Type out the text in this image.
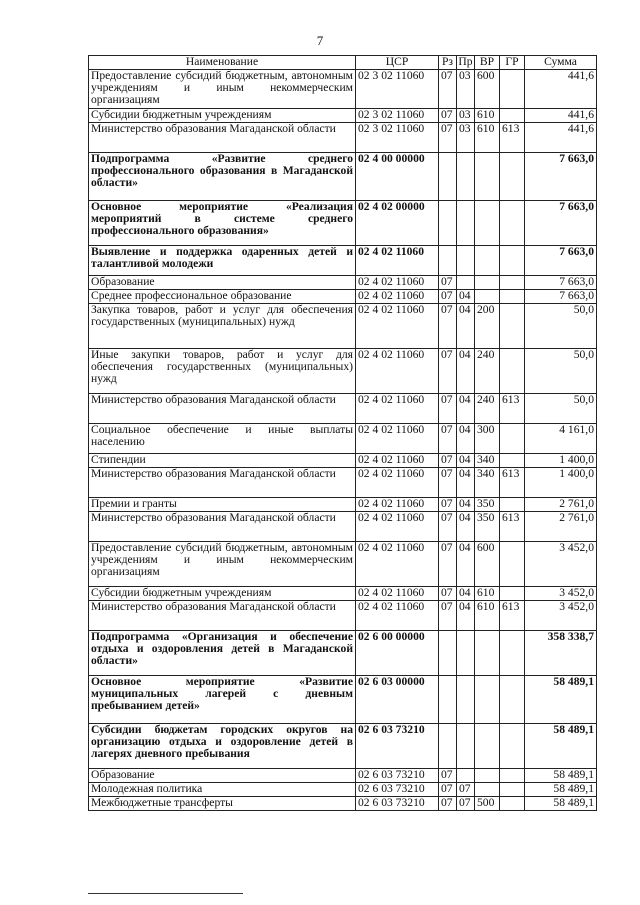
7
Наименование	ЦСР	Рз	Пр	ВР	ГР	Сумма
Предоставление субсидий бюджетным, автономным учреждениям и иным некоммерческим организациям	02 3 02 11060	07	03	600		441,6
Субсидии бюджетным учреждениям	02 3 02 11060	07	03	610		441,6
Министерство образования Магаданской области	02 3 02 11060	07	03	610	613	441,6
Подпрограмма «Развитие среднего профессионального образования в Магаданской области»	02 4 00 00000					7 663,0
Основное мероприятие «Реализация мероприятий в системе среднего профессионального образования»	02 4 02 00000					7 663,0
Выявление и поддержка одаренных детей и талантливой молодежи	02 4 02 11060					7 663,0
Образование	02 4 02 11060	07				7 663,0
Среднее профессиональное образование	02 4 02 11060	07	04			7 663,0
Закупка товаров, работ и услуг для обеспечения государственных (муниципальных) нужд	02 4 02 11060	07	04	200		50,0
Иные закупки товаров, работ и услуг для обеспечения государственных (муниципальных) нужд	02 4 02 11060	07	04	240		50,0
Министерство образования Магаданской области	02 4 02 11060	07	04	240	613	50,0
Социальное обеспечение и иные выплаты населению	02 4 02 11060	07	04	300		4 161,0
Стипендии	02 4 02 11060	07	04	340		1 400,0
Министерство образования Магаданской области	02 4 02 11060	07	04	340	613	1 400,0
Премии и гранты	02 4 02 11060	07	04	350		2 761,0
Министерство образования Магаданской области	02 4 02 11060	07	04	350	613	2 761,0
Предоставление субсидий бюджетным, автономным учреждениям и иным некоммерческим организациям	02 4 02 11060	07	04	600		3 452,0
Субсидии бюджетным учреждениям	02 4 02 11060	07	04	610		3 452,0
Министерство образования Магаданской области	02 4 02 11060	07	04	610	613	3 452,0
Подпрограмма «Организация и обеспечение отдыха и оздоровления детей в Магаданской области»	02 6 00 00000					358 338,7
Основное мероприятие «Развитие муниципальных лагерей с дневным пребыванием детей»	02 6 03 00000					58 489,1
Субсидии бюджетам городских округов на организацию отдыха и оздоровление детей в лагерях дневного пребывания	02 6 03 73210					58 489,1
Образование	02 6 03 73210	07				58 489,1
Молодежная политика	02 6 03 73210	07	07			58 489,1
Межбюджетные трансферты	02 6 03 73210	07	07	500		58 489,1
